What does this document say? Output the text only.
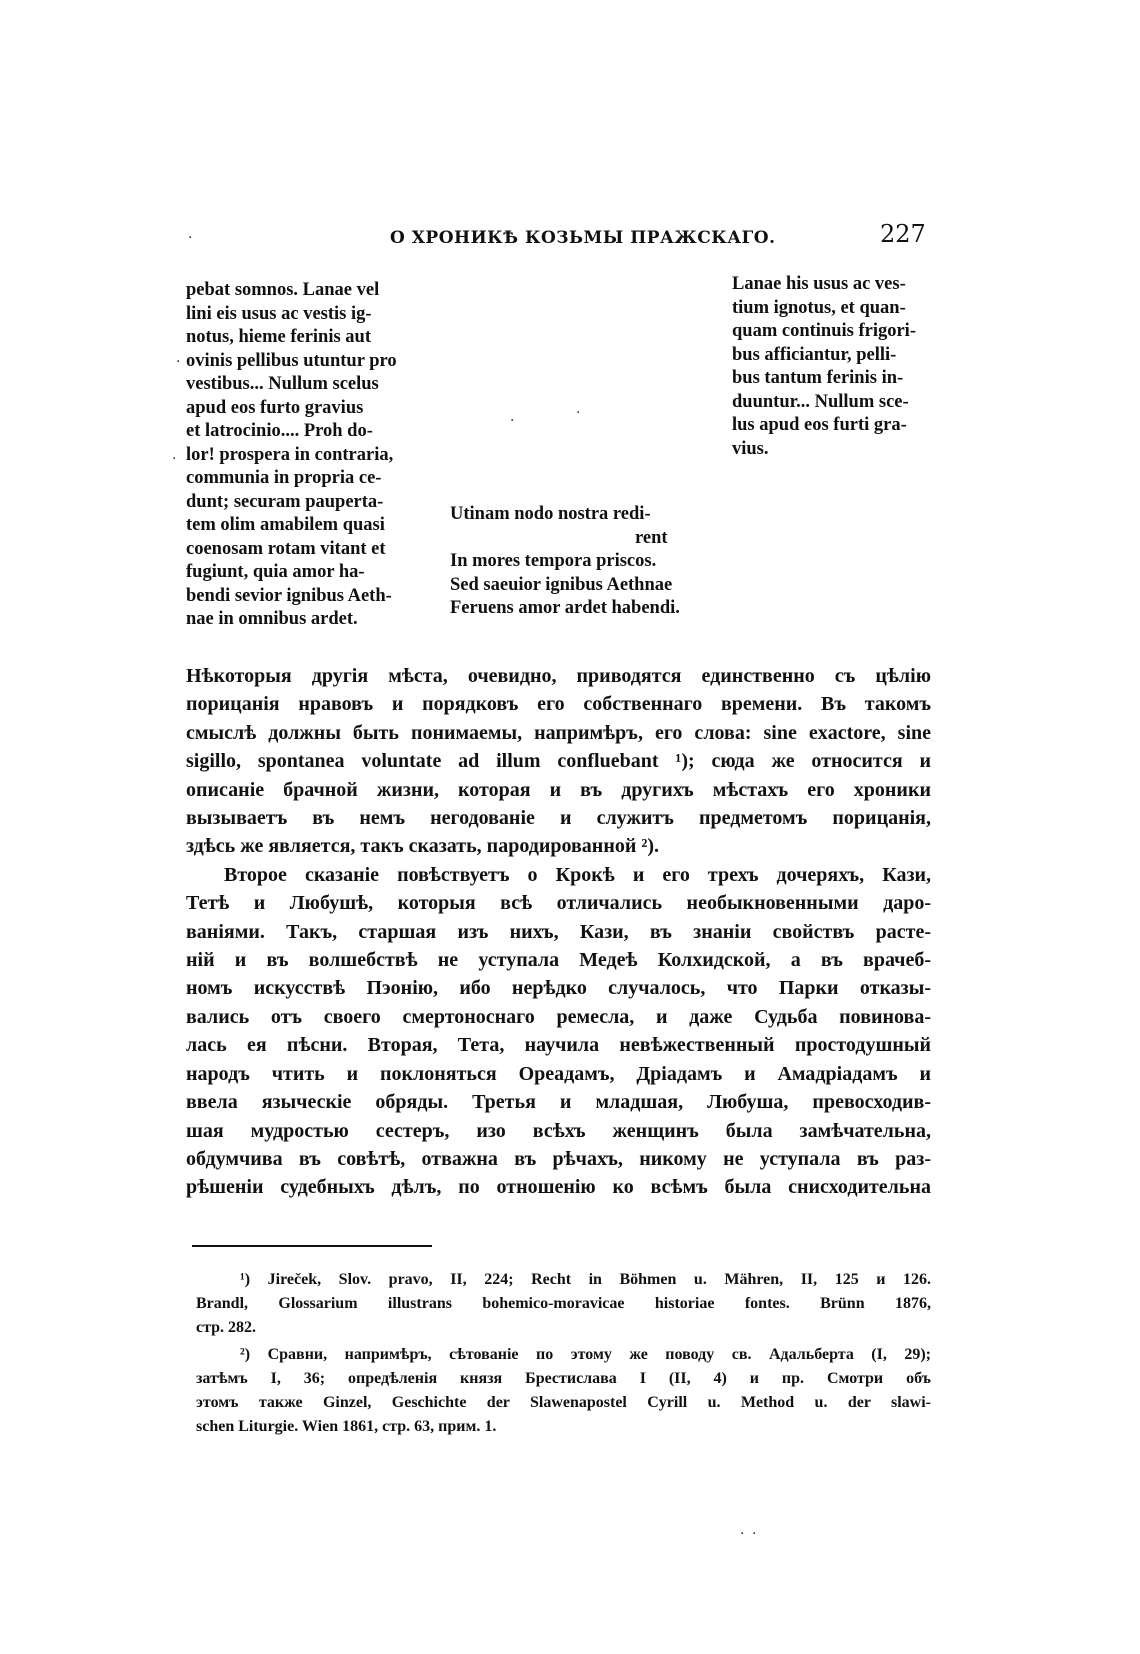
О ХРОНИКѢ КОЗЬМЫ ПРАЖСКАГО.	227
·
·
·
·	·
· ·
pebat somnos. Lanae vel
lini eis usus ac vestis ig-
notus, hieme ferinis aut
ovinis pellibus utuntur pro
vestibus... Nullum scelus
apud eos furto gravius
et latrocinio.... Proh do-
lor! prospera in contraria,
communia in propria ce-
dunt; securam pauperta-
tem olim amabilem quasi
coenosam rotam vitant et
fugiunt, quia amor ha-
bendi sevior ignibus Aeth-
nae in omnibus ardet.
Utinam nodo nostra redi-
rent
In mores tempora priscos.
Sed saeuior ignibus Aethnae
Feruens amor ardet habendi.
Lanae his usus ac ves-
tium ignotus, et quan-
quam continuis frigori-
bus afficiantur, pelli-
bus tantum ferinis in-
duuntur... Nullum sce-
lus apud eos furti gra-
vius.
Нѣкоторыя другія мѣста, очевидно, приводятся единственно съ цѣлію
порицанія нравовъ и порядковъ его собственнаго времени. Въ такомъ
смыслѣ должны быть понимаемы, напримѣръ, его слова: sine exactore, sine
sigillo, spontanea voluntate ad illum confluebant ¹); сюда же относится и
описаніе брачной жизни, которая и въ другихъ мѣстахъ его хроники
вызываетъ въ немъ негодованіе и служитъ предметомъ порицанія,
здѣсь же является, такъ сказать, пародированной ²).
Второе сказаніе повѣствуетъ о Крокѣ и его трехъ дочеряхъ, Кази,
Тетѣ и Любушѣ, которыя всѣ отличались необыкновенными даро-
ваніями. Такъ, старшая изъ нихъ, Кази, въ знаніи свойствъ расте-
ній и въ волшебствѣ не уступала Медеѣ Колхидской, а въ врачеб-
номъ искусствѣ Пэонію, ибо нерѣдко случалось, что Парки отказы-
вались отъ своего смертоноснаго ремесла, и даже Судьба повинова-
лась ея пѣсни. Вторая, Тета, научила невѣжественный простодушный
народъ чтить и поклоняться Ореадамъ, Дріадамъ и Амадріадамъ и
ввела языческіе обряды. Третья и младшая, Любуша, превосходив-
шая мудростью сестеръ, изо всѣхъ женщинъ была замѣчательна,
обдумчива въ совѣтѣ, отважна въ рѣчахъ, никому не уступала въ раз-
рѣшеніи судебныхъ дѣлъ, по отношенію ко всѣмъ была снисходительна
¹) Jireček, Slov. pravo, II, 224; Recht in Böhmen u. Mähren, II, 125 и 126.
Brandl, Glossarium illustrans bohemico-moravicae historiae fontes. Brünn 1876,
стр. 282.
²) Сравни, напримѣръ, сѣтованіе по этому же поводу св. Адальберта (I, 29);
затѣмъ I, 36; опредѣленія князя Брестислава I (II, 4) и пр. Смотри объ
этомъ также Ginzel, Geschichte der Slawenapostel Cyrill u. Method u. der slawi-
schen Liturgie. Wien 1861, стр. 63, прим. 1.
